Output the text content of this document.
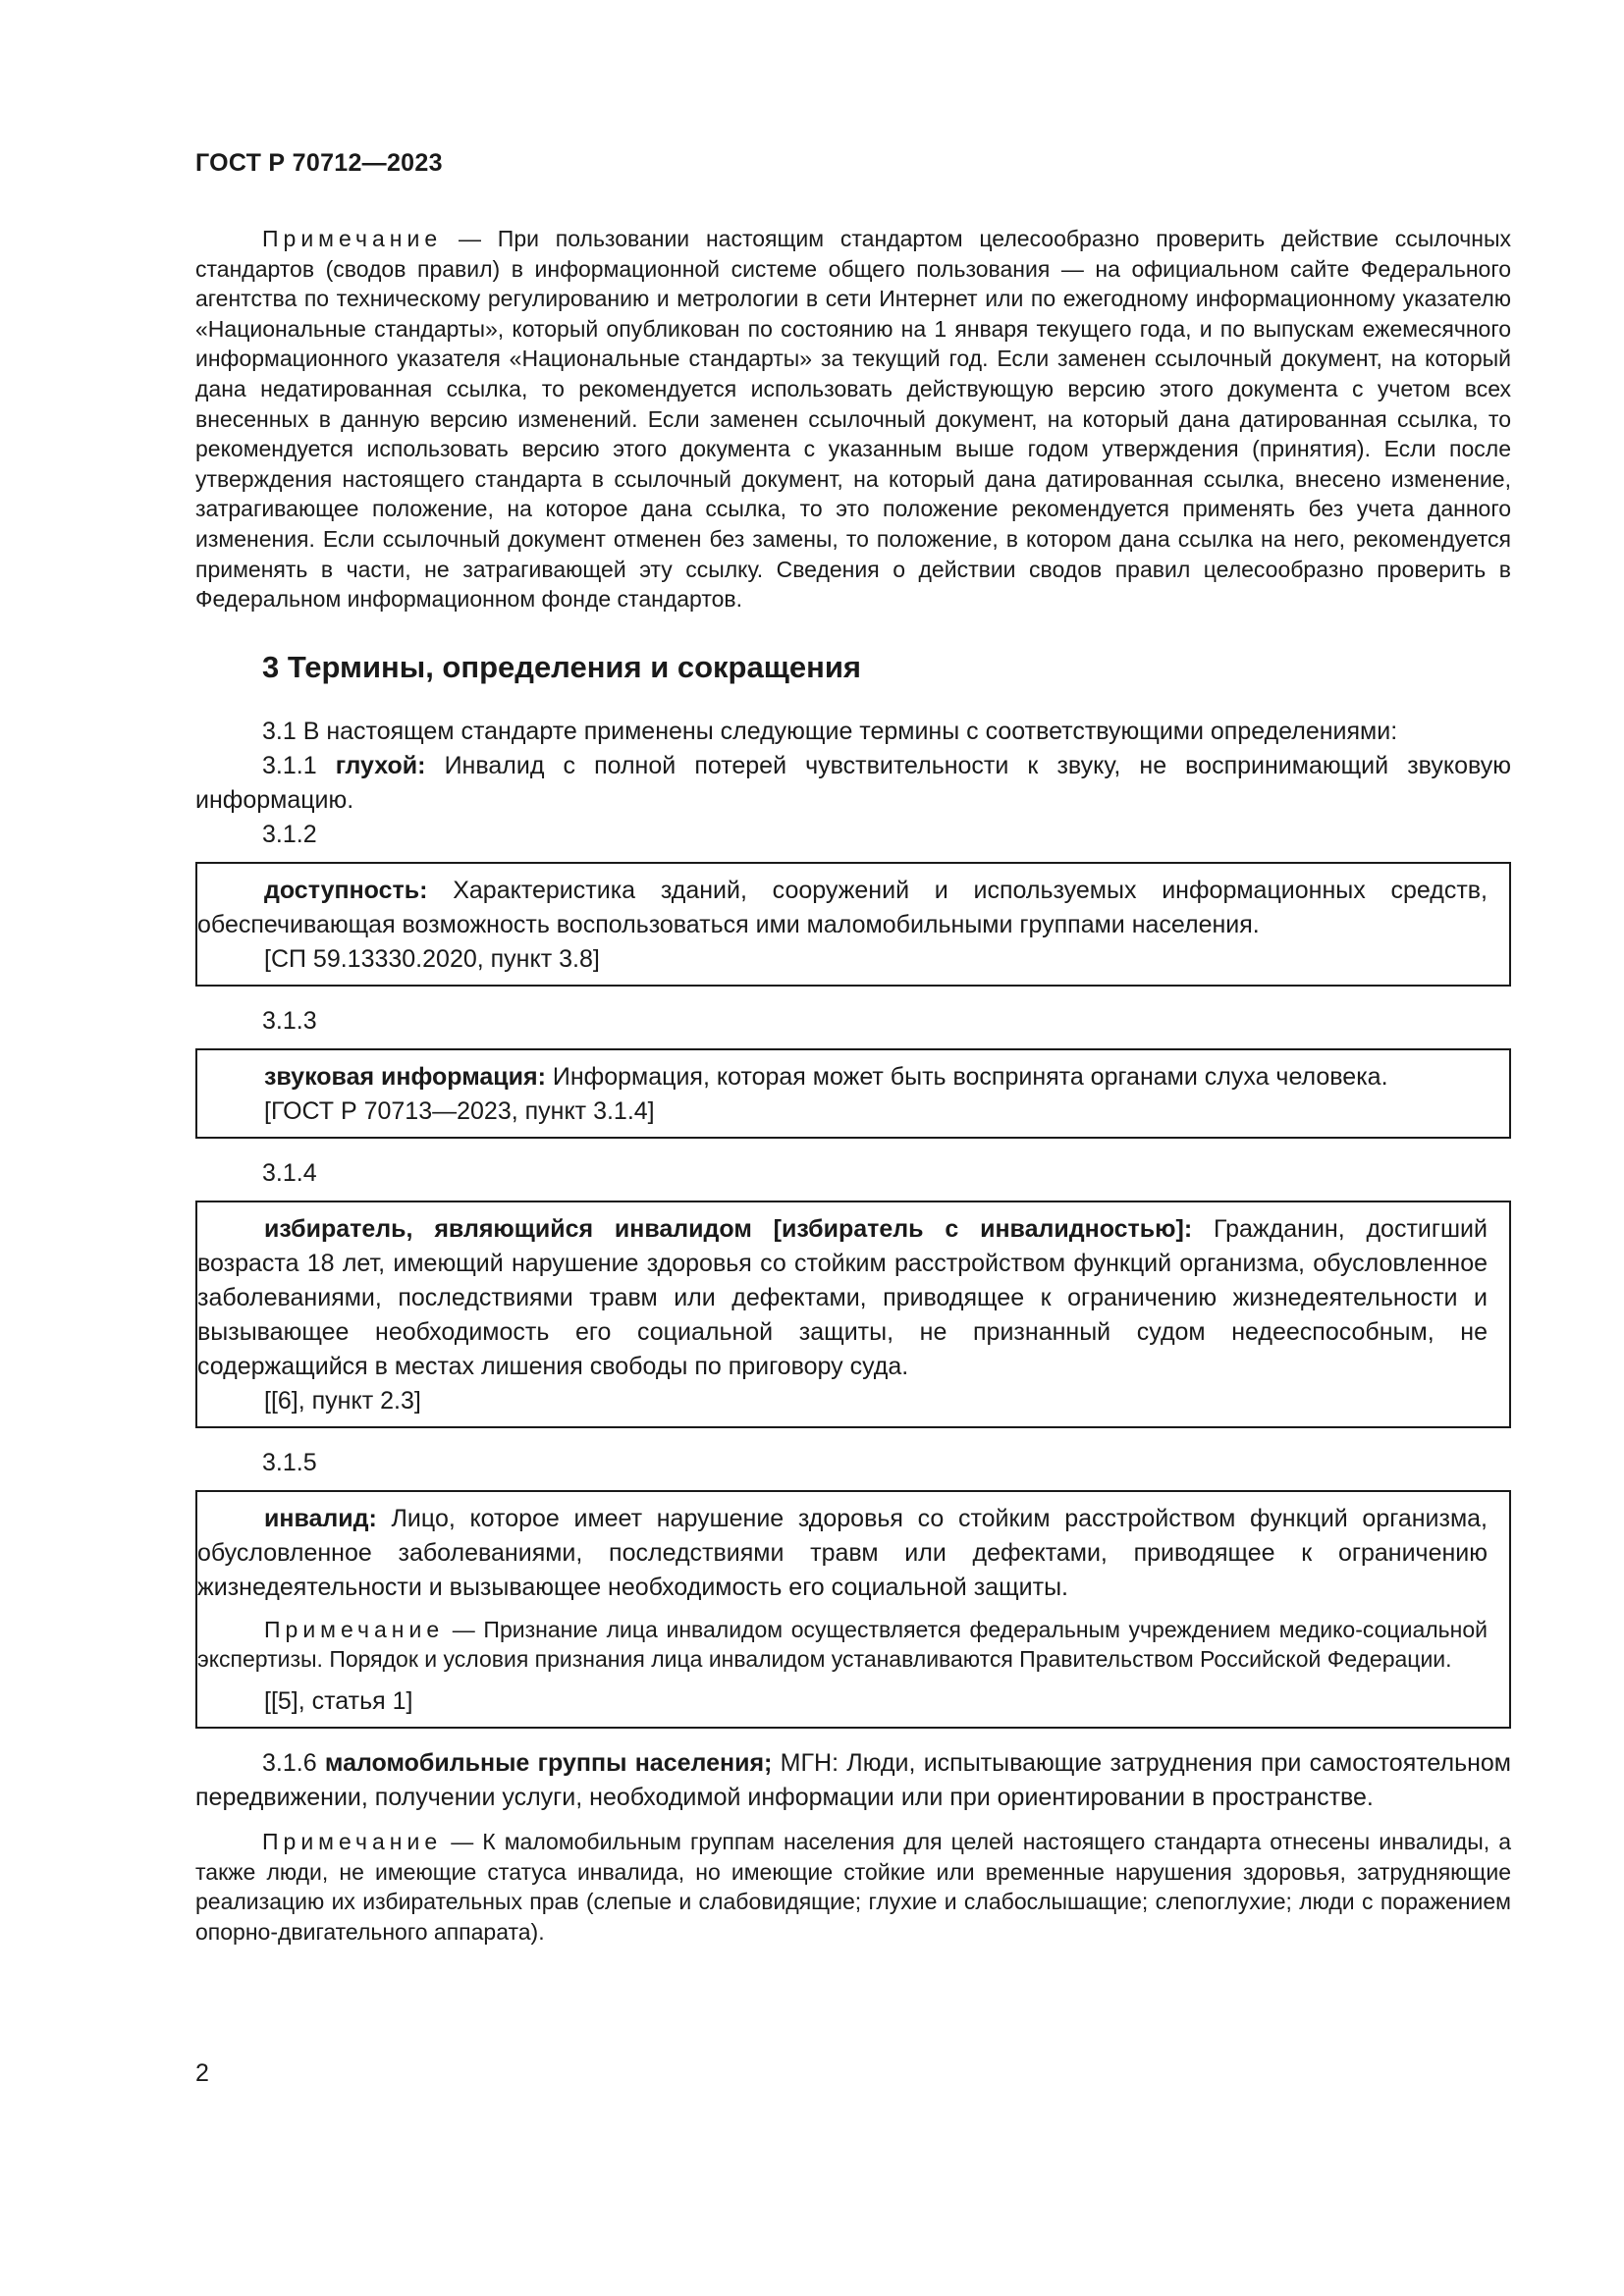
ГОСТ Р 70712—2023

Примечание — При пользовании настоящим стандартом целесообразно проверить действие ссылочных стандартов (сводов правил) в информационной системе общего пользования — на официальном сайте Федерального агентства по техническому регулированию и метрологии в сети Интернет или по ежегодному информационному указателю «Национальные стандарты», который опубликован по состоянию на 1 января текущего года, и по выпускам ежемесячного информационного указателя «Национальные стандарты» за текущий год. Если заменен ссылочный документ, на который дана недатированная ссылка, то рекомендуется использовать действующую версию этого документа с учетом всех внесенных в данную версию изменений. Если заменен ссылочный документ, на который дана датированная ссылка, то рекомендуется использовать версию этого документа с указанным выше годом утверждения (принятия). Если после утверждения настоящего стандарта в ссылочный документ, на который дана датированная ссылка, внесено изменение, затрагивающее положение, на которое дана ссылка, то это положение рекомендуется применять без учета данного изменения. Если ссылочный документ отменен без замены, то положение, в котором дана ссылка на него, рекомендуется применять в части, не затрагивающей эту ссылку. Сведения о действии сводов правил целесообразно проверить в Федеральном информационном фонде стандартов.

3 Термины, определения и сокращения

3.1 В настоящем стандарте применены следующие термины с соответствующими определениями:

3.1.1 глухой: Инвалид с полной потерей чувствительности к звуку, не воспринимающий звуковую информацию.

3.1.2

доступность: Характеристика зданий, сооружений и используемых информационных средств, обеспечивающая возможность воспользоваться ими маломобильными группами населения.

[СП 59.13330.2020, пункт 3.8]

3.1.3

звуковая информация: Информация, которая может быть воспринята органами слуха человека.

[ГОСТ Р 70713—2023, пункт 3.1.4]

3.1.4

избиратель, являющийся инвалидом [избиратель с инвалидностью]: Гражданин, достигший возраста 18 лет, имеющий нарушение здоровья со стойким расстройством функций организма, обусловленное заболеваниями, последствиями травм или дефектами, приводящее к ограничению жизнедеятельности и вызывающее необходимость его социальной защиты, не признанный судом недееспособным, не содержащийся в местах лишения свободы по приговору суда.

[[6], пункт 2.3]

3.1.5

инвалид: Лицо, которое имеет нарушение здоровья со стойким расстройством функций организма, обусловленное заболеваниями, последствиями травм или дефектами, приводящее к ограничению жизнедеятельности и вызывающее необходимость его социальной защиты.

Примечание — Признание лица инвалидом осуществляется федеральным учреждением медико-социальной экспертизы. Порядок и условия признания лица инвалидом устанавливаются Правительством Российской Федерации.

[[5], статья 1]

3.1.6 маломобильные группы населения; МГН: Люди, испытывающие затруднения при самостоятельном передвижении, получении услуги, необходимой информации или при ориентировании в пространстве.

Примечание — К маломобильным группам населения для целей настоящего стандарта отнесены инвалиды, а также люди, не имеющие статуса инвалида, но имеющие стойкие или временные нарушения здоровья, затрудняющие реализацию их избирательных прав (слепые и слабовидящие; глухие и слабослышащие; слепоглухие; люди с поражением опорно-двигательного аппарата).

2
